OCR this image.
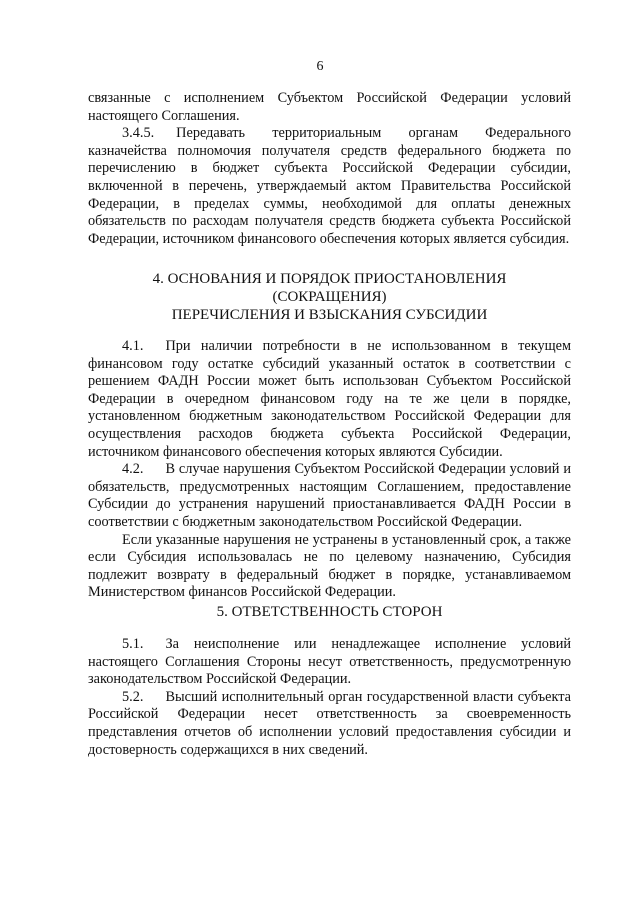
6

связанные с исполнением Субъектом Российской Федерации условий настоящего Соглашения.

3.4.5. Передавать территориальным органам Федерального казначейства полномочия получателя средств федерального бюджета по перечислению в бюджет субъекта Российской Федерации субсидии, включенной в перечень, утверждаемый актом Правительства Российской Федерации, в пределах суммы, необходимой для оплаты денежных обязательств по расходам получателя средств бюджета субъекта Российской Федерации, источником финансового обеспечения которых является субсидия.

4. ОСНОВАНИЯ И ПОРЯДОК ПРИОСТАНОВЛЕНИЯ
(СОКРАЩЕНИЯ)
ПЕРЕЧИСЛЕНИЯ И ВЗЫСКАНИЯ СУБСИДИИ

4.1. При наличии потребности в не использованном в текущем финансовом году остатке субсидий указанный остаток в соответствии с решением ФАДН России может быть использован Субъектом Российской Федерации в очередном финансовом году на те же цели в порядке, установленном бюджетным законодательством Российской Федерации для осуществления расходов бюджета субъекта Российской Федерации, источником финансового обеспечения которых являются Субсидии.

4.2. В случае нарушения Субъектом Российской Федерации условий и обязательств, предусмотренных настоящим Соглашением, предоставление Субсидии до устранения нарушений приостанавливается ФАДН России в соответствии с бюджетным законодательством Российской Федерации.

Если указанные нарушения не устранены в установленный срок, а также если Субсидия использовалась не по целевому назначению, Субсидия подлежит возврату в федеральный бюджет в порядке, устанавливаемом Министерством финансов Российской Федерации.

5. ОТВЕТСТВЕННОСТЬ СТОРОН

5.1. За неисполнение или ненадлежащее исполнение условий настоящего Соглашения Стороны несут ответственность, предусмотренную законодательством Российской Федерации.

5.2. Высший исполнительный орган государственной власти субъекта Российской Федерации несет ответственность за своевременность представления отчетов об исполнении условий предоставления субсидии и достоверность содержащихся в них сведений.
